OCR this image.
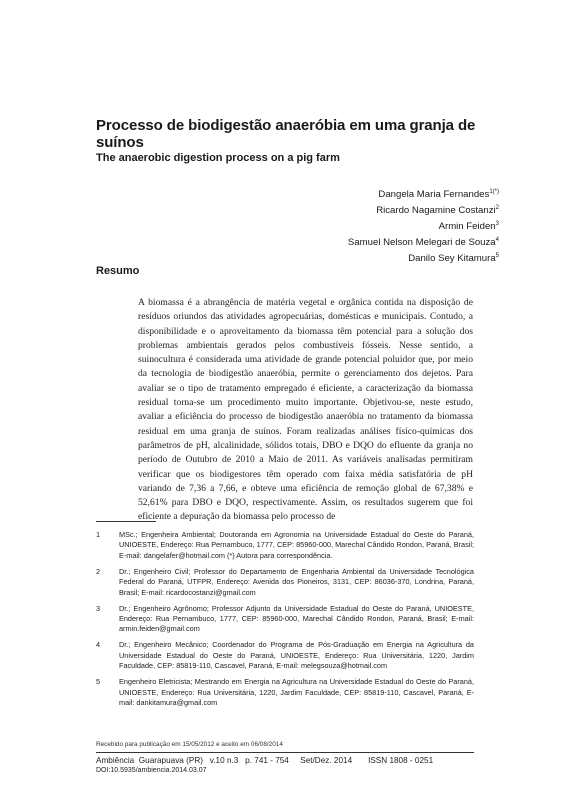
Processo de biodigestão anaeróbia em uma granja de suínos
The anaerobic digestion process on a pig farm
Dangela Maria Fernandes$^{1(*)}$
Ricardo Nagamine Costanzi$^2$
Armin Feiden$^3$
Samuel Nelson Melegari de Souza$^4$
Danilo Sey Kitamura$^5$
Resumo

A biomassa é a abrangência de matéria vegetal e orgânica contida na disposição de resíduos oriundos das atividades agropecuárias, domésticas e municipais. Contudo, a disponibilidade e o aproveitamento da biomassa têm potencial para a solução dos problemas ambientais gerados pelos combustíveis fósseis. Nesse sentido, a suinocultura é considerada uma atividade de grande potencial poluidor que, por meio da tecnologia de biodigestão anaeróbia, permite o gerenciamento dos dejetos. Para avaliar se o tipo de tratamento empregado é eficiente, a caracterização da biomassa residual torna-se um procedimento muito importante. Objetivou-se, neste estudo, avaliar a eficiência do processo de biodigestão anaeróbia no tratamento da biomassa residual em uma granja de suínos. Foram realizadas análises físico-químicas dos parâmetros de pH, alcalinidade, sólidos totais, DBO e DQO do efluente da granja no período de Outubro de 2010 a Maio de 2011. As variáveis analisadas permitiram verificar que os biodigestores têm operado com faixa média satisfatória de pH variando de 7,36 a 7,66, e obteve uma eficiência de remoção global de 67,38% e 52,61% para DBO e DQO, respectivamente. Assim, os resultados sugerem que foi eficiente a depuração da biomassa pelo processo de

1	MSc.; Engenheira Ambiental; Doutoranda em Agronomia na Universidade Estadual do Oeste do Paraná, UNIOESTE, Endereço: Rua Pernambuco, 1777, CEP: 85960-000, Marechal Cândido Rondon, Paraná, Brasil; E-mail: dangelafer@hotmail.com (*) Autora para correspondência.
2	Dr.; Engenheiro Civil; Professor do Departamento de Engenharia Ambiental da Universidade Tecnológica Federal do Paraná, UTFPR, Endereço: Avenida dos Pioneiros, 3131, CEP: 86036-370, Londrina, Paraná, Brasil; E-mail: ricardocostanzi@gmail.com
3	Dr.; Engenheiro Agrônomo; Professor Adjunto da Universidade Estadual do Oeste do Paraná, UNIOESTE, Endereço: Rua Pernambuco, 1777, CEP: 85960-000, Marechal Cândido Rondon, Paraná, Brasil; E-mail: armin.feiden@gmail.com
4	Dr.; Engenheiro Mecânico; Coordenador do Programa de Pós-Graduação em Energia na Agricultura da Universidade Estadual do Oeste do Paraná, UNIOESTE, Endereço: Rua Universitária, 1220, Jardim Faculdade, CEP: 85819-110, Cascavel, Paraná, E-mail: melegsouza@hotmail.com
5	Engenheiro Eletricista; Mestrando em Energia na Agricultura na Universidade Estadual do Oeste do Paraná, UNIOESTE, Endereço: Rua Universitária, 1220, Jardim Faculdade, CEP: 85819-110, Cascavel, Paraná, E-mail: dankitamura@gmail.com
Recebido para publicação em 15/05/2012 e aceito em 06/08/2014
Ambiência
Guarapuava (PR)
v.10 n.3
p. 741 - 754
Set/Dez. 2014
ISSN 1808 - 0251
DOI:10.5935/ambiencia.2014.03.07
